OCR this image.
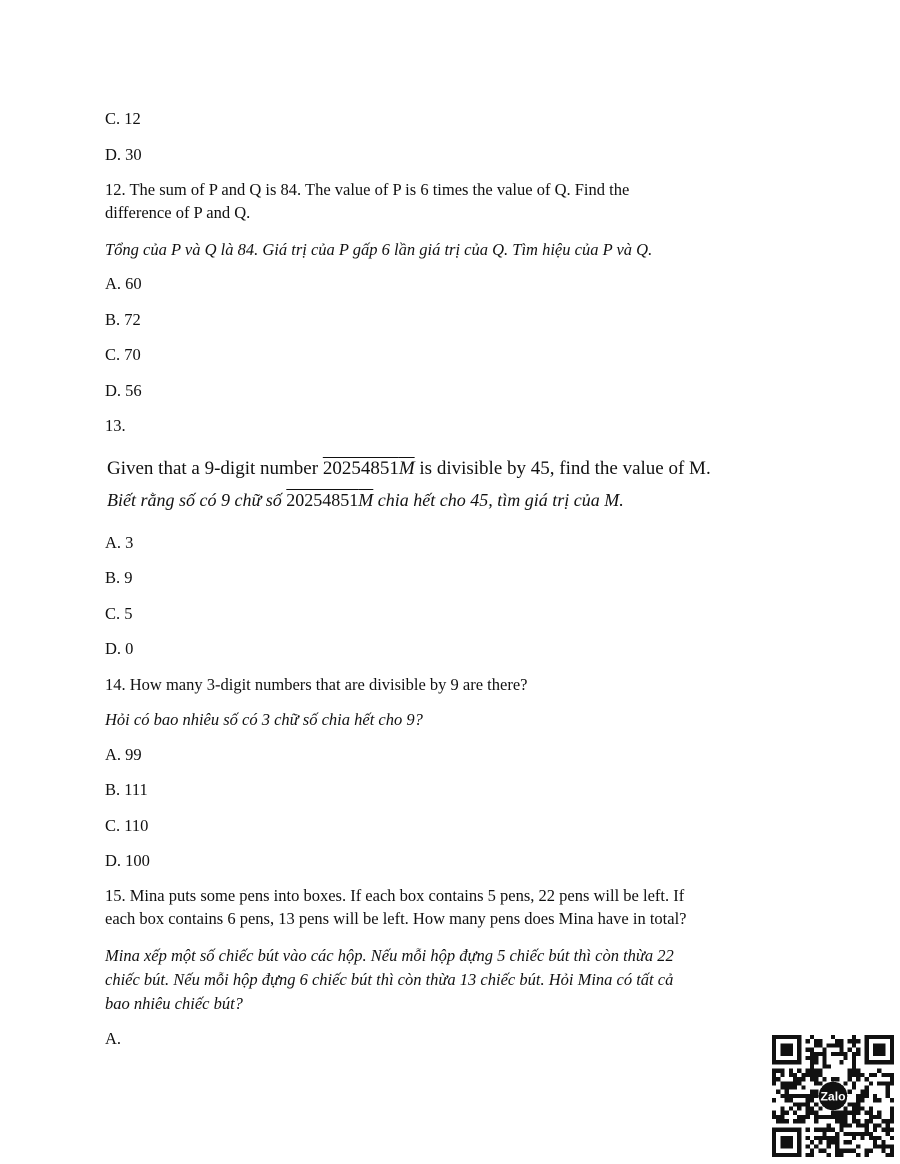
C. 12
D. 30
12. The sum of P and Q is 84. The value of P is 6 times the value of Q. Find the
difference of P and Q.
Tổng của P và Q là 84. Giá trị của P gấp 6 lần giá trị của Q. Tìm hiệu của P và Q.
A. 60
B. 72
C. 70
D. 56
13.
Given that a 9-digit number 20254851M is divisible by 45, find the value of M.
Biết rằng số có 9 chữ số 20254851M chia hết cho 45, tìm giá trị của M.
A. 3
B. 9
C. 5
D. 0
14. How many 3-digit numbers that are divisible by 9 are there?
Hỏi có bao nhiêu số có 3 chữ số chia hết cho 9?
A. 99
B. 111
C. 110
D. 100
15. Mina puts some pens into boxes. If each box contains 5 pens, 22 pens will be left. If
each box contains 6 pens, 13 pens will be left. How many pens does Mina have in total?
Mina xếp một số chiếc bút vào các hộp. Nếu mỗi hộp đựng 5 chiếc bút thì còn thừa 22
chiếc bút. Nếu mỗi hộp đựng 6 chiếc bút thì còn thừa 13 chiếc bút. Hỏi Mina có tất cả
bao nhiêu chiếc bút?
A.
Zalo
